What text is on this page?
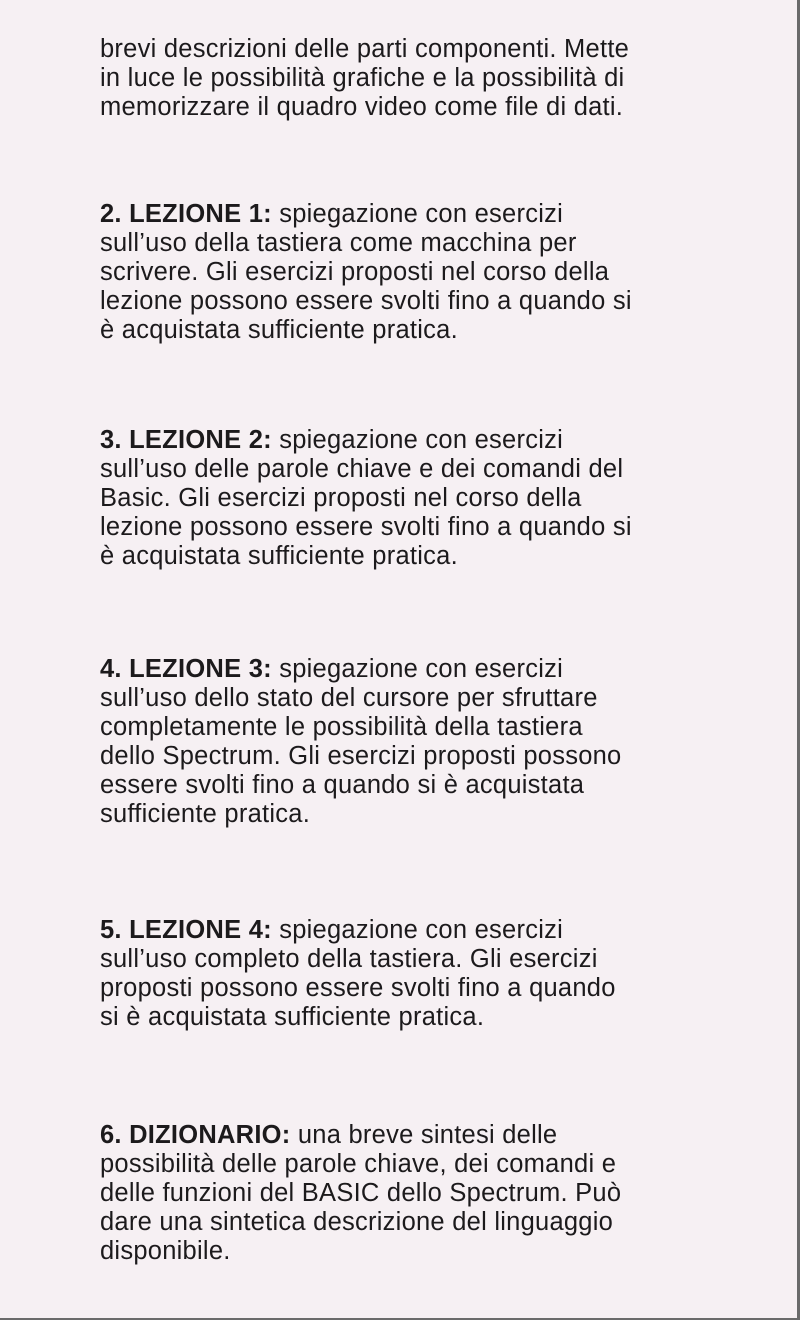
brevi descrizioni delle parti componenti. Mette

in luce le possibilità grafiche e la possibilità di

memorizzare il quadro video come file di dati.

2. LEZIONE 1: spiegazione con esercizi

sull’uso della tastiera come macchina per

scrivere. Gli esercizi proposti nel corso della

lezione possono essere svolti fino a quando si

è acquistata sufficiente pratica.

3. LEZIONE 2: spiegazione con esercizi

sull’uso delle parole chiave e dei comandi del

Basic. Gli esercizi proposti nel corso della

lezione possono essere svolti fino a quando si

è acquistata sufficiente pratica.

4. LEZIONE 3: spiegazione con esercizi

sull’uso dello stato del cursore per sfruttare

completamente le possibilità della tastiera

dello Spectrum. Gli esercizi proposti possono

essere svolti fino a quando si è acquistata

sufficiente pratica.

5. LEZIONE 4: spiegazione con esercizi

sull’uso completo della tastiera. Gli esercizi

proposti possono essere svolti fino a quando

si è acquistata sufficiente pratica.

6. DIZIONARIO: una breve sintesi delle

possibilità delle parole chiave, dei comandi e

delle funzioni del BASIC dello Spectrum. Può

dare una sintetica descrizione del linguaggio

disponibile.
